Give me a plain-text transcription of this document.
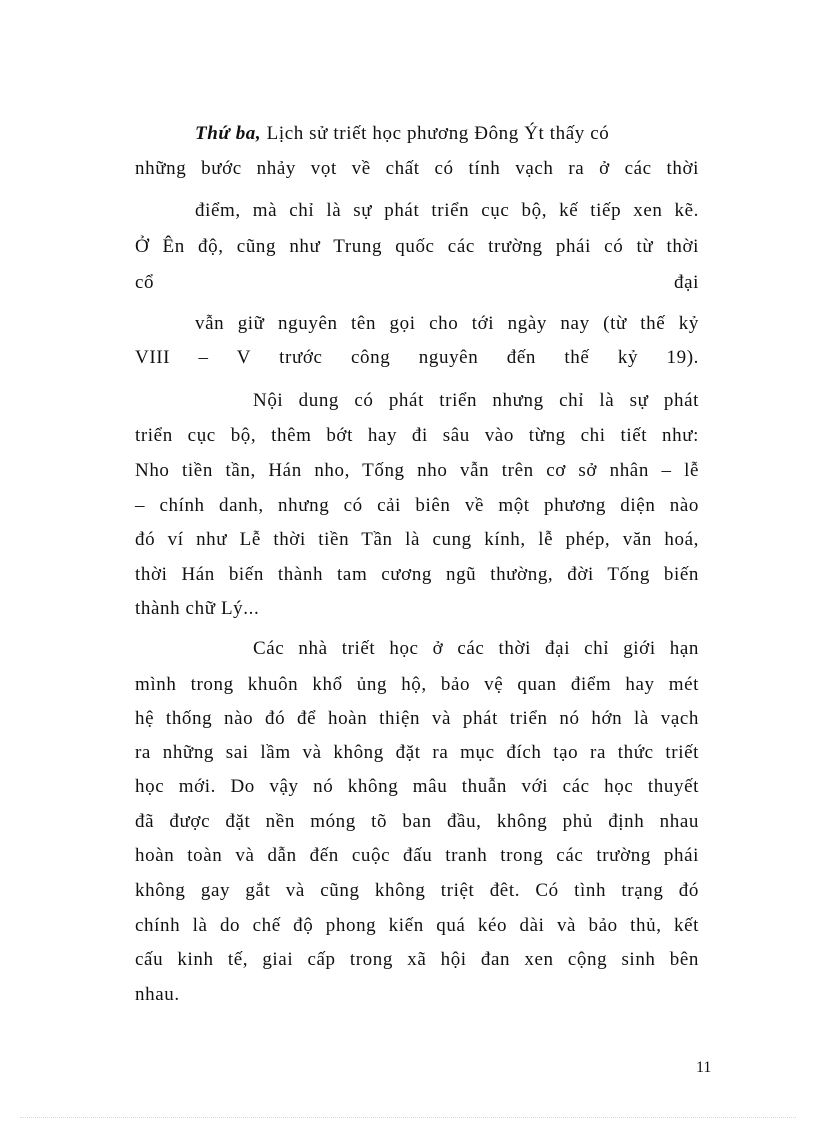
Thứ ba, Lịch sử triết học phương Đông Ýt thấy có
những bước nhảy vọt về chất có tính vạch ra ở các thời
điểm, mà chỉ là sự phát triển cục bộ, kế tiếp xen kẽ.
Ở Ên độ, cũng như Trung quốc các trường phái có từ thời
cổ	đại
vẫn giữ nguyên tên gọi cho tới ngày nay (từ thế kỷ
VIII – V trước công nguyên đến thế kỷ 19).
Nội dung có phát triển nhưng chỉ là sự phát
triển cục bộ, thêm bớt hay đi sâu vào từng chi tiết như:
Nho tiền tần, Hán nho, Tống nho vẫn trên cơ sở nhân – lễ
– chính danh, nhưng có cải biên về một phương diện nào
đó ví như Lễ thời tiền Tần là cung kính, lễ phép, văn hoá,
thời Hán biến thành tam cương ngũ thường, đời Tống biến
thành chữ Lý...
Các nhà triết học ở các thời đại chỉ giới hạn
mình trong khuôn khổ ủng hộ, bảo vệ quan điểm hay mét
hệ thống nào đó để hoàn thiện và phát triển nó hớn là vạch
ra những sai lầm và không đặt ra mục đích tạo ra thức triết
học mới. Do vậy nó không mâu thuẫn với các học thuyết
đã được đặt nền móng tõ ban đầu, không phủ định nhau
hoàn toàn và dẫn đến cuộc đấu tranh trong các trường phái
không gay gắt và cũng không triệt đêt. Có tình trạng đó
chính là do chế độ phong kiến quá kéo dài và bảo thủ, kết
cấu kinh tế, giai cấp trong xã hội đan xen cộng sinh bên
nhau.
11
